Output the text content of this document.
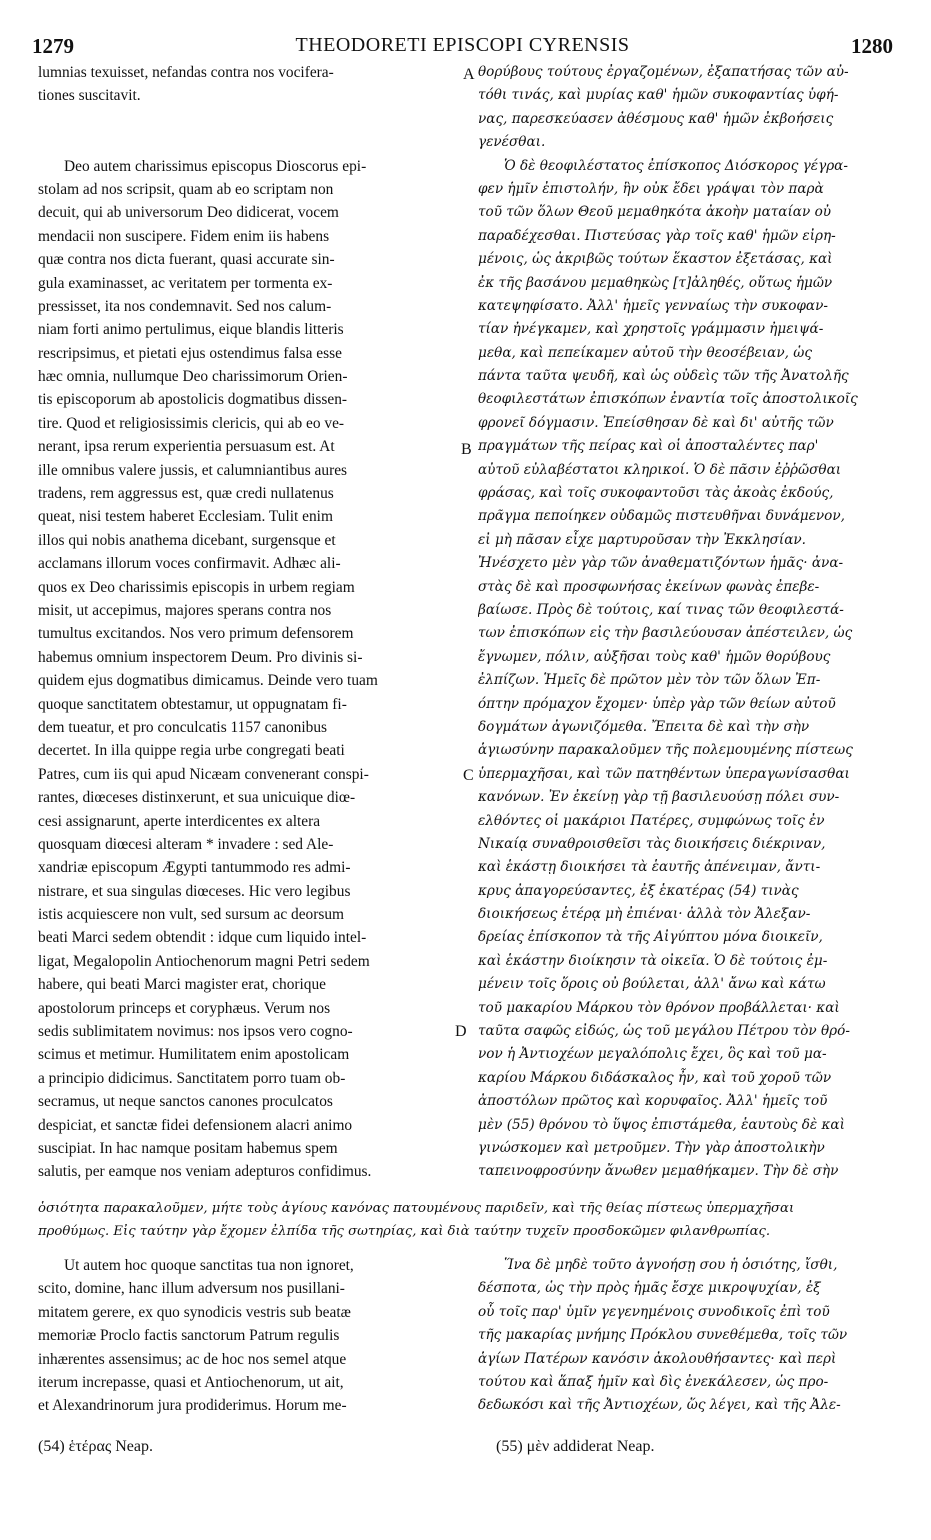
1279	THEODORETI EPISCOPI CYRENSIS	1280
lumnias texuisset, nefandas contra nos vocifera-
tiones suscitavit.
Deo autem charissimus episcopus Dioscorus epi-
stolam ad nos scripsit, quam ab eo scriptam non
decuit, qui ab universorum Deo didicerat, vocem
mendacii non suscipere. Fidem enim iis habens
quæ contra nos dicta fuerant, quasi accurate sin-
gula examinasset, ac veritatem per tormenta ex-
pressisset, ita nos condemnavit. Sed nos calum-
niam forti animo pertulimus, eique blandis litteris
rescripsimus, et pietati ejus ostendimus falsa esse
hæc omnia, nullumque Deo charissimorum Orien-
tis episcoporum ab apostolicis dogmatibus dissen-
tire. Quod et religiosissimis clericis, qui ab eo ve-
nerant, ipsa rerum experientia persuasum est. At
ille omnibus valere jussis, et calumniantibus aures
tradens, rem aggressus est, quæ credi nullatenus
queat, nisi testem haberet Ecclesiam. Tulit enim
illos qui nobis anathema dicebant, surgensque et
acclamans illorum voces confirmavit. Adhæc ali-
quos ex Deo charissimis episcopis in urbem regiam
misit, ut accepimus, majores sperans contra nos
tumultus excitandos. Nos vero primum defensorem
habemus omnium inspectorem Deum. Pro divinis si-
quidem ejus dogmatibus dimicamus. Deinde vero tuam
quoque sanctitatem obtestamur, ut oppugnatam fi-
dem tueatur, et pro conculcatis 1157 canonibus
decertet. In illa quippe regia urbe congregati beati
Patres, cum iis qui apud Nicæam convenerant conspi-
rantes, diœceses distinxerunt, et sua unicuique diœ-
cesi assignarunt, aperte interdicentes ex altera
quosquam diœcesi alteram * invadere : sed Ale-
xandriæ episcopum Ægypti tantummodo res admi-
nistrare, et sua singulas diœceses. Hic vero legibus
istis acquiescere non vult, sed sursum ac deorsum
beati Marci sedem obtendit : idque cum liquido intel-
ligat, Megalopolin Antiochenorum magni Petri sedem
habere, qui beati Marci magister erat, chorique
apostolorum princeps et coryphæus. Verum nos
sedis sublimitatem novimus: nos ipsos vero cogno-
scimus et metimur. Humilitatem enim apostolicam
a principio didicimus. Sanctitatem porro tuam ob-
secramus, ut neque sanctos canones proculcatos
despiciat, et sanctæ fidei defensionem alacri animo
suscipiat. In hac namque positam habemus spem
salutis, per eamque nos veniam adepturos confidimus.
θορύβους τούτους ἐργαζομένων, ἐξαπατήσας τῶν αὐ-
τόθι τινάς, καὶ μυρίας καθ' ἡμῶν συκοφαντίας ὑφή-
νας, παρεσκεύασεν ἀθέσμους καθ' ἡμῶν ἐκβοήσεις
γενέσθαι.
Ὁ δὲ θεοφιλέστατος ἐπίσκοπος Διόσκορος γέγρα-
φεν ἡμῖν ἐπιστολήν, ἣν οὐκ ἔδει γράψαι τὸν παρὰ
τοῦ τῶν ὅλων Θεοῦ μεμαθηκότα ἀκοὴν ματαίαν οὐ
παραδέχεσθαι. Πιστεύσας γὰρ τοῖς καθ' ἡμῶν εἰρη-
μένοις, ὡς ἀκριβῶς τούτων ἕκαστον ἐξετάσας, καὶ
ἐκ τῆς βασάνου μεμαθηκὼς [τ]ἀληθές, οὕτως ἡμῶν
κατεψηφίσατο. Ἀλλ' ἡμεῖς γενναίως τὴν συκοφαν-
τίαν ἠνέγκαμεν, καὶ χρηστοῖς γράμμασιν ἠμειψά-
μεθα, καὶ πεπείκαμεν αὐτοῦ τὴν θεοσέβειαν, ὡς
πάντα ταῦτα ψευδῆ, καὶ ὡς οὐδεὶς τῶν τῆς Ἀνατολῆς
θεοφιλεστάτων ἐπισκόπων ἐναντία τοῖς ἀποστολικοῖς
φρονεῖ δόγμασιν. Ἐπείσθησαν δὲ καὶ δι' αὐτῆς τῶν
πραγμάτων τῆς πείρας καὶ οἱ ἀποσταλέντες παρ'
αὐτοῦ εὐλαβέστατοι κληρικοί. Ὁ δὲ πᾶσιν ἐῤῥῶσθαι
φράσας, καὶ τοῖς συκοφαντοῦσι τὰς ἀκοὰς ἐκδούς,
πρᾶγμα πεποίηκεν οὐδαμῶς πιστευθῆναι δυνάμενον,
εἰ μὴ πᾶσαν εἶχε μαρτυροῦσαν τὴν Ἐκκλησίαν.
Ἠνέσχετο μὲν γὰρ τῶν ἀναθεματιζόντων ἡμᾶς· ἀνα-
στὰς δὲ καὶ προσφωνήσας ἐκείνων φωνὰς ἐπεβε-
βαίωσε. Πρὸς δὲ τούτοις, καί τινας τῶν θεοφιλεστά-
των ἐπισκόπων εἰς τὴν βασιλεύουσαν ἀπέστειλεν, ὡς
ἔγνωμεν, πόλιν, αὐξῆσαι τοὺς καθ' ἡμῶν θορύβους
ἐλπίζων. Ἡμεῖς δὲ πρῶτον μὲν τὸν τῶν ὅλων Ἐπ-
όπτην πρόμαχον ἔχομεν· ὑπὲρ γὰρ τῶν θείων αὐτοῦ
δογμάτων ἀγωνιζόμεθα. Ἔπειτα δὲ καὶ τὴν σὴν
ἁγιωσύνην παρακαλοῦμεν τῆς πολεμουμένης πίστεως
ὑπερμαχῆσαι, καὶ τῶν πατηθέντων ὑπεραγωνίσασθαι
κανόνων. Ἐν ἐκείνῃ γὰρ τῇ βασιλευούσῃ πόλει συν-
ελθόντες οἱ μακάριοι Πατέρες, συμφώνως τοῖς ἐν
Νικαίᾳ συναθροισθεῖσι τὰς διοικήσεις διέκριναν,
καὶ ἑκάστῃ διοικήσει τὰ ἑαυτῆς ἀπένειμαν, ἄντι-
κρυς ἀπαγορεύσαντες, ἐξ ἑκατέρας (54) τινὰς
διοικήσεως ἑτέρᾳ μὴ ἐπιέναι· ἀλλὰ τὸν Ἀλεξαν-
δρείας ἐπίσκοπον τὰ τῆς Αἰγύπτου μόνα διοικεῖν,
καὶ ἑκάστην διοίκησιν τὰ οἰκεῖα. Ὁ δὲ τούτοις ἐμ-
μένειν τοῖς ὅροις οὐ βούλεται, ἀλλ' ἄνω καὶ κάτω
τοῦ μακαρίου Μάρκου τὸν θρόνον προβάλλεται· καὶ
ταῦτα σαφῶς εἰδώς, ὡς τοῦ μεγάλου Πέτρου τὸν θρό-
νον ἡ Ἀντιοχέων μεγαλόπολις ἔχει, ὃς καὶ τοῦ μα-
καρίου Μάρκου διδάσκαλος ἦν, καὶ τοῦ χοροῦ τῶν
ἀποστόλων πρῶτος καὶ κορυφαῖος. Ἀλλ' ἡμεῖς τοῦ
μὲν (55) θρόνου τὸ ὕψος ἐπιστάμεθα, ἑαυτοὺς δὲ καὶ
γινώσκομεν καὶ μετροῦμεν. Τὴν γὰρ ἀποστολικὴν
ταπεινοφροσύνην ἄνωθεν μεμαθήκαμεν. Τὴν δὲ σὴν
A
B
C
D
ὁσιότητα παρακαλοῦμεν, μήτε τοὺς ἁγίους κανόνας πατουμένους παριδεῖν, καὶ τῆς θείας πίστεως ὑπερμαχῆσαι
προθύμως. Εἰς ταύτην γὰρ ἔχομεν ἐλπίδα τῆς σωτηρίας, καὶ διὰ ταύτην τυχεῖν προσδοκῶμεν φιλανθρωπίας.
Ut autem hoc quoque sanctitas tua non ignoret,
scito, domine, hanc illum adversum nos pusillani-
mitatem gerere, ex quo synodicis vestris sub beatæ
memoriæ Proclo factis sanctorum Patrum regulis
inhærentes assensimus; ac de hoc nos semel atque
iterum increpasse, quasi et Antiochenorum, ut ait,
et Alexandrinorum jura prodiderimus. Horum me-
Ἵνα δὲ μηδὲ τοῦτο ἀγνοήσῃ σου ἡ ὁσιότης, ἴσθι,
δέσποτα, ὡς τὴν πρὸς ἡμᾶς ἔσχε μικροψυχίαν, ἐξ
οὗ τοῖς παρ' ὑμῖν γεγενημένοις συνοδικοῖς ἐπὶ τοῦ
τῆς μακαρίας μνήμης Πρόκλου συνεθέμεθα, τοῖς τῶν
ἁγίων Πατέρων κανόσιν ἀκολουθήσαντες· καὶ περὶ
τούτου καὶ ἅπαξ ἡμῖν καὶ δὶς ἐνεκάλεσεν, ὡς προ-
δεδωκόσι καὶ τῆς Ἀντιοχέων, ὥς λέγει, καὶ τῆς Ἀλε-
(54) ἑτέρας Neap.	(55) μὲν addiderat Neap.
